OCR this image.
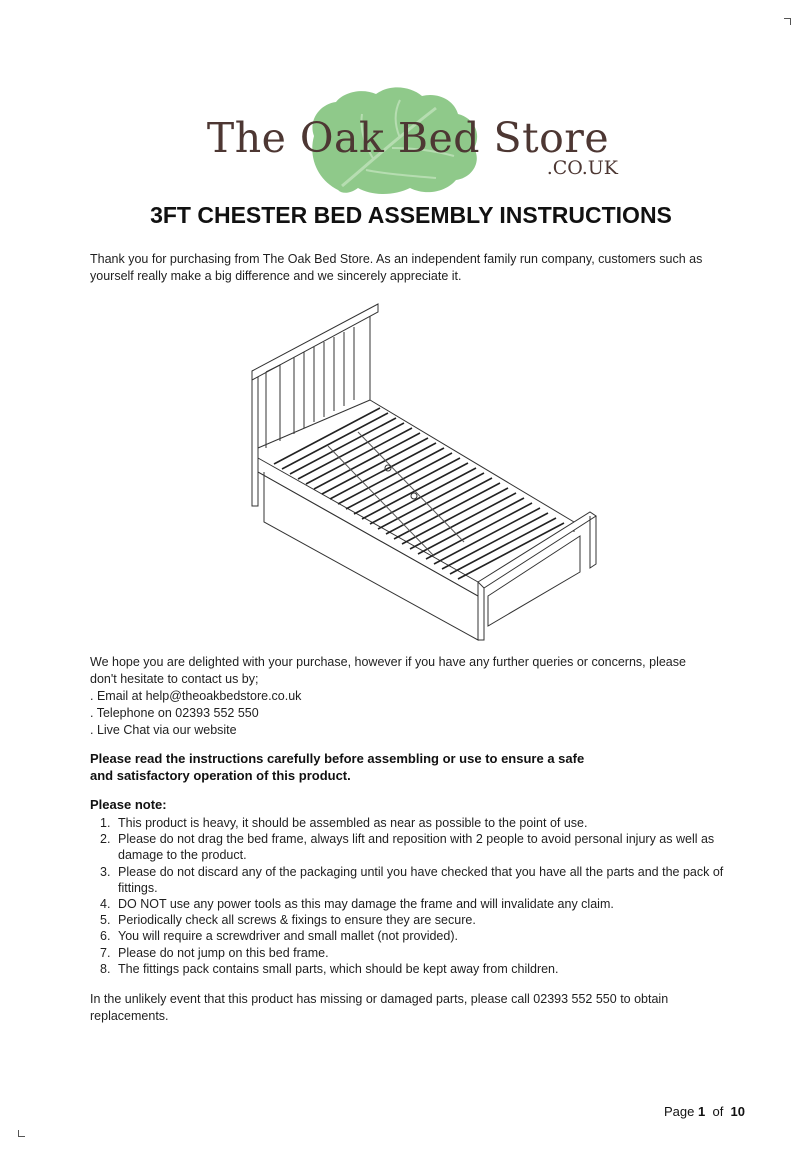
The Oak Bed Store
.CO.UK
3FT CHESTER BED ASSEMBLY INSTRUCTIONS

Thank you for purchasing from The Oak Bed Store. As an independent family run company, customers such as yourself really make a big difference and we sincerely appreciate it.

We hope you are delighted with your purchase, however if you have any further queries or concerns, please don't hesitate to contact us by;

. Email at help@theoakbedstore.co.uk

. Telephone on 02393 552 550

. Live Chat via our website

Please read the instructions carefully before assembling or use to ensure a safe

and satisfactory operation of this product.

Please note:

1. This product is heavy, it should be assembled as near as possible to the point of use.
2. Please do not drag the bed frame, always lift and reposition with 2 people to avoid personal injury as well as damage to the product.
3. Please do not discard any of the packaging until you have checked that you have all the parts and the pack of fittings.
4. DO NOT use any power tools as this may damage the frame and will invalidate any claim.
5. Periodically check all screws & fixings to ensure they are secure.
6. You will require a screwdriver and small mallet (not provided).
7. Please do not jump on this bed frame.
8. The fittings pack contains small parts, which should be kept away from children.

In the unlikely event that this product has missing or damaged parts, please call 02393 552 550 to obtain replacements.

Page 1 of 10
